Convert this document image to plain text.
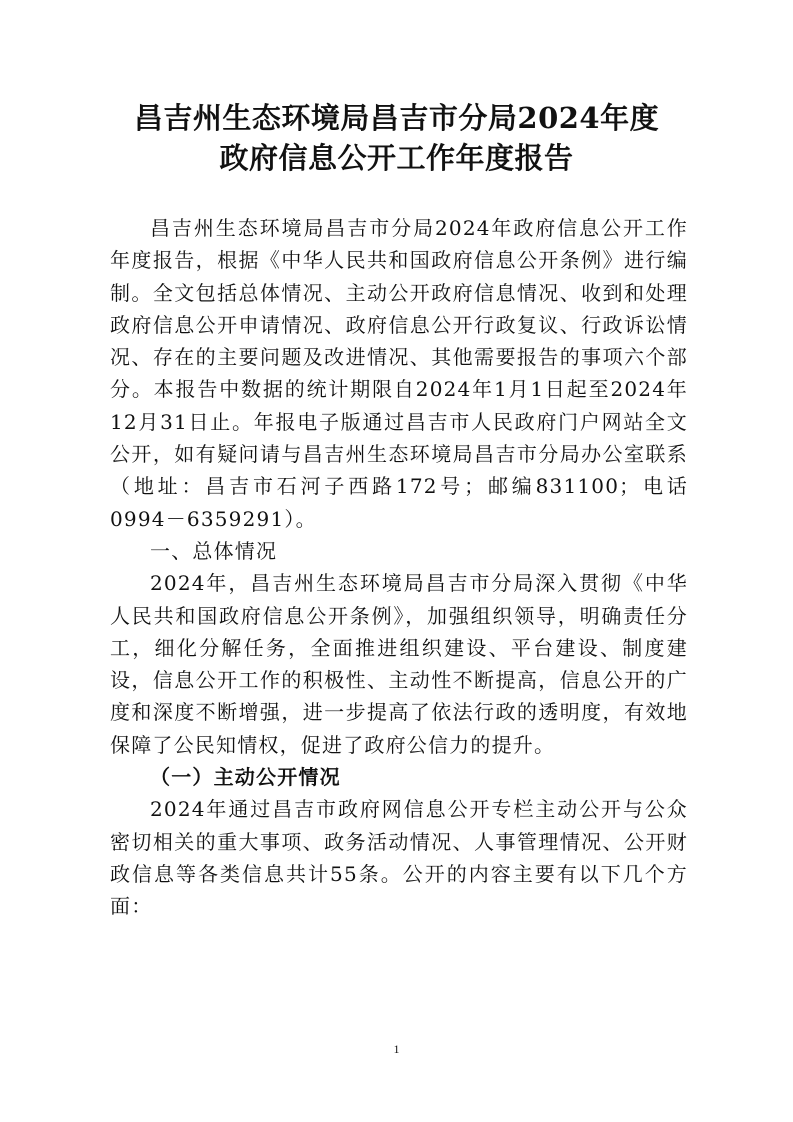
昌吉州生态环境局昌吉市分局2024年度
政府信息公开工作年度报告

昌吉州生态环境局昌吉市分局2024年政府信息公开工作年度报告，根据《中华人民共和国政府信息公开条例》进行编制。全文包括总体情况、主动公开政府信息情况、收到和处理政府信息公开申请情况、政府信息公开行政复议、行政诉讼情况、存在的主要问题及改进情况、其他需要报告的事项六个部分。本报告中数据的统计期限自2024年1月1日起至2024年12月31日止。年报电子版通过昌吉市人民政府门户网站全文公开，如有疑问请与昌吉州生态环境局昌吉市分局办公室联系（地址：昌吉市石河子西路172号；邮编831100；电话0994－6359291）。

一、总体情况

2024年，昌吉州生态环境局昌吉市分局深入贯彻《中华人民共和国政府信息公开条例》，加强组织领导，明确责任分工，细化分解任务，全面推进组织建设、平台建设、制度建设，信息公开工作的积极性、主动性不断提高，信息公开的广度和深度不断增强，进一步提高了依法行政的透明度，有效地保障了公民知情权，促进了政府公信力的提升。

（一）主动公开情况

2024年通过昌吉市政府网信息公开专栏主动公开与公众密切相关的重大事项、政务活动情况、人事管理情况、公开财政信息等各类信息共计55条。公开的内容主要有以下几个方面：

1
